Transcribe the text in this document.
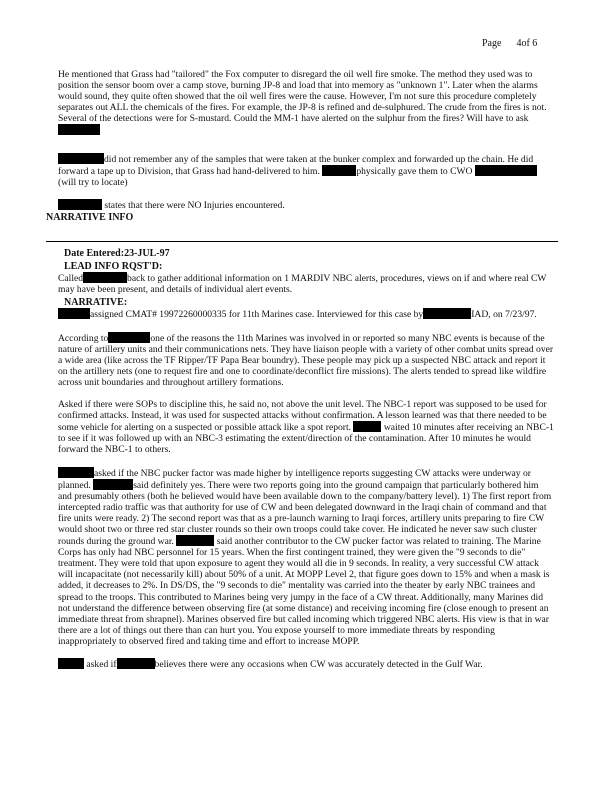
Page 4of 6

He mentioned that Grass had "tailored" the Fox computer to disregard the oil well fire smoke. The method they used was to position the sensor boom over a camp stove, burning JP-8 and load that into memory as "unknown 1". Later when the alarms would sound, they quite often showed that the oil well fires were the cause. However, I'm not sure this procedure completely separates out ALL the chemicals of the fires. For example, the JP-8 is refined and de-sulphured. The crude from the fires is not. Several of the detections were for S-mustard. Could the MM-1 have alerted on the sulphur from the fires? Will have to ask

did not remember any of the samples that were taken at the bunker complex and forwarded up the chain. He did forward a tape up to Division, that Grass had hand-delivered to him.	physically gave them to CWO (will try to locate)

states that there were NO Injuries encountered.

NARRATIVE INFO
Date Entered:23-JUL-97
LEAD INFO RQST'D:

Called	back to gather additional information on 1 MARDIV NBC alerts, procedures, views on if and where real CW may have been present, and details of individual alert events.

NARRATIVE:

assigned CMAT# 19972260000335 for 11th Marines case. Interviewed for this case by	IAD, on 7/23/97.

According to	one of the reasons the 11th Marines was involved in or reported so many NBC events is because of the nature of artillery units and their communications nets. They have liaison people with a variety of other combat units spread over a wide area (like across the TF Ripper/TF Papa Bear boundry). These people may pick up a suspected NBC attack and report it on the artillery nets (one to request fire and one to coordinate/deconflict fire missions). The alerts tended to spread like wildfire across unit boundaries and throughout artillery formations.

Asked if there were SOPs to discipline this, he said no, not above the unit level. The NBC-1 report was supposed to be used for confirmed attacks. Instead, it was used for suspected attacks without confirmation. A lesson learned was that there needed to be some vehicle for alerting on a suspected or possible attack like a spot report.	waited 10 minutes after receiving an NBC-1 to see if it was followed up with an NBC-3 estimating the extent/direction of the contamination. After 10 minutes he would forward the NBC-1 to others.

asked if the NBC pucker factor was made higher by intelligence reports suggesting CW attacks were underway or planned.	said definitely yes. There were two reports going into the ground campaign that particularly bothered him and presumably others (both he believed would have been available down to the company/battery level). 1) The first report from intercepted radio traffic was that authority for use of CW and been delegated downward in the Iraqi chain of command and that fire units were ready. 2) The second report was that as a pre-launch warning to Iraqi forces, artillery units preparing to fire CW would shoot two or three red star cluster rounds so their own troops could take cover. He indicated he never saw such cluster rounds during the ground war.	said another contributor to the CW pucker factor was related to training. The Marine Corps has only had NBC personnel for 15 years. When the first contingent trained, they were given the "9 seconds to die" treatment. They were told that upon exposure to agent they would all die in 9 seconds. In reality, a very successful CW attack will incapacitate (not necessarily kill) about 50% of a unit. At MOPP Level 2, that figure goes down to 15% and when a mask is added, it decreases to 2%. In DS/DS, the "9 seconds to die" mentality was carried into the theater by early NBC trainees and spread to the troops. This contributed to Marines being very jumpy in the face of a CW threat. Additionally, many Marines did not understand the difference between observing fire (at some distance) and receiving incoming fire (close enough to present an immediate threat from shrapnel). Marines observed fire but called incoming which triggered NBC alerts. His view is that in war there are a lot of things out there than can hurt you. You expose yourself to more immediate threats by responding inappropriately to observed fired and taking time and effort to increase MOPP.

asked if	believes there were any occasions when CW was accurately detected in the Gulf War.
